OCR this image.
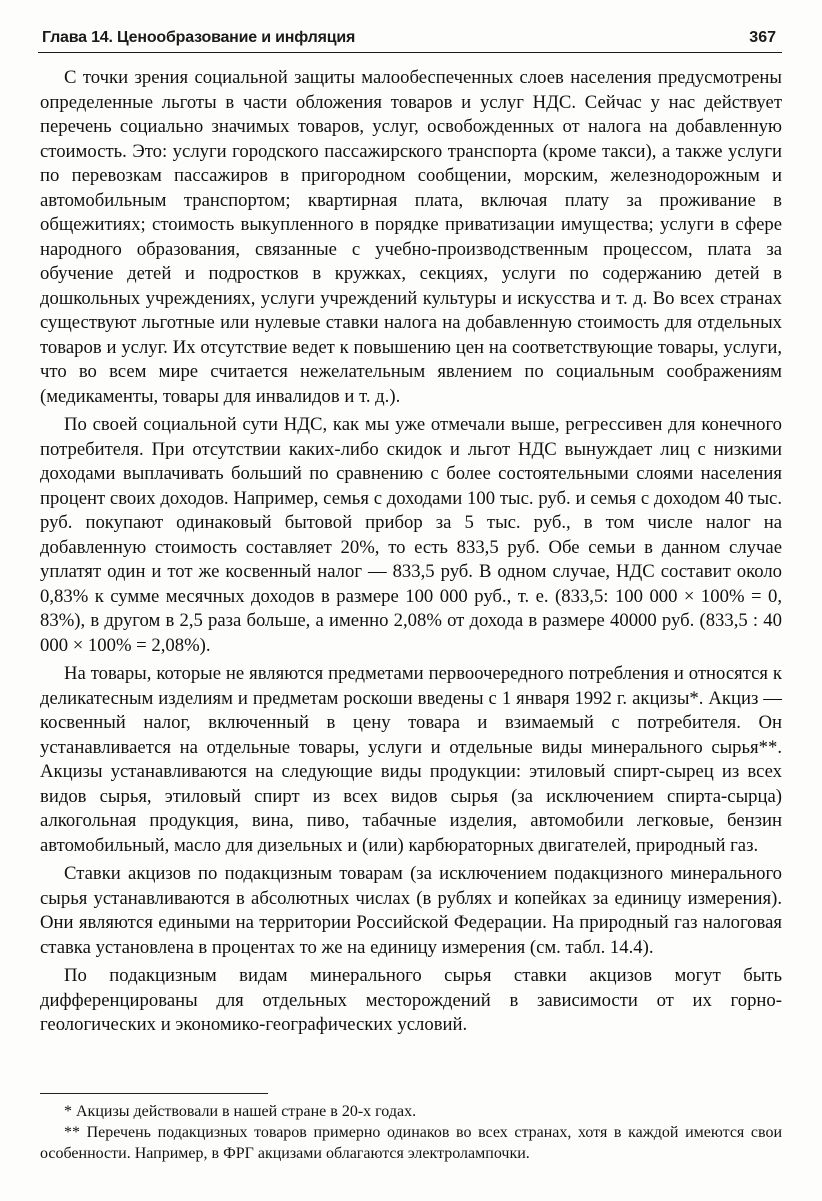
Глава 14. Ценообразование и инфляция	367

С точки зрения социальной защиты малообеспеченных слоев населения предусмотрены определенные льготы в части обложения товаров и услуг НДС. Сейчас у нас действует перечень социально значимых товаров, услуг, освобожденных от налога на добавленную стоимость. Это: услуги городского пассажирского транспорта (кроме такси), а также услуги по перевозкам пассажиров в пригородном сообщении, морским, железнодорожным и автомобильным транспортом; квартирная плата, включая плату за проживание в общежитиях; стоимость выкупленного в порядке приватизации имущества; услуги в сфере народного образования, связанные с учебно-производственным процессом, плата за обучение детей и подростков в кружках, секциях, услуги по содержанию детей в дошкольных учреждениях, услуги учреждений культуры и искусства и т. д. Во всех странах существуют льготные или нулевые ставки налога на добавленную стоимость для отдельных товаров и услуг. Их отсутствие ведет к повышению цен на соответствующие товары, услуги, что во всем мире считается нежелательным явлением по социальным соображениям (медикаменты, товары для инвалидов и т. д.).

По своей социальной сути НДС, как мы уже отмечали выше, регрессивен для конечного потребителя. При отсутствии каких-либо скидок и льгот НДС вынуждает лиц с низкими доходами выплачивать больший по сравнению с более состоятельными слоями населения процент своих доходов. Например, семья с доходами 100 тыс. руб. и семья с доходом 40 тыс. руб. покупают одинаковый бытовой прибор за 5 тыс. руб., в том числе налог на добавленную стоимость составляет 20%, то есть 833,5 руб. Обе семьи в данном случае уплатят один и тот же косвенный налог — 833,5 руб. В одном случае, НДС составит около 0,83% к сумме месячных доходов в размере 100 000 руб., т. е. (833,5: 100 000 × 100% = 0, 83%), в другом в 2,5 раза больше, а именно 2,08% от дохода в размере 40000 руб. (833,5 : 40 000 × 100% = 2,08%).

На товары, которые не являются предметами первоочередного потребления и относятся к деликатесным изделиям и предметам роскоши введены с 1 января 1992 г. акцизы*. Акциз — косвенный налог, включенный в цену товара и взимаемый с потребителя. Он устанавливается на отдельные товары, услуги и отдельные виды минерального сырья**. Акцизы устанавливаются на следующие виды продукции: этиловый спирт-сырец из всех видов сырья, этиловый спирт из всех видов сырья (за исключением спирта-сырца) алкогольная продукция, вина, пиво, табачные изделия, автомобили легковые, бензин автомобильный, масло для дизельных и (или) карбюраторных двигателей, природный газ.

Ставки акцизов по подакцизным товарам (за исключением подакцизного минерального сырья устанавливаются в абсолютных числах (в рублях и копейках за единицу измерения). Они являются едиными на территории Российской Федерации. На природный газ налоговая ставка установлена в процентах то же на единицу измерения (см. табл. 14.4).

По подакцизным видам минерального сырья ставки акцизов могут быть дифференцированы для отдельных месторождений в зависимости от их горно-геологических и экономико-географических условий.

* Акцизы действовали в нашей стране в 20-х годах.

** Перечень подакцизных товаров примерно одинаков во всех странах, хотя в каждой имеются свои особенности. Например, в ФРГ акцизами облагаются электролампочки.
